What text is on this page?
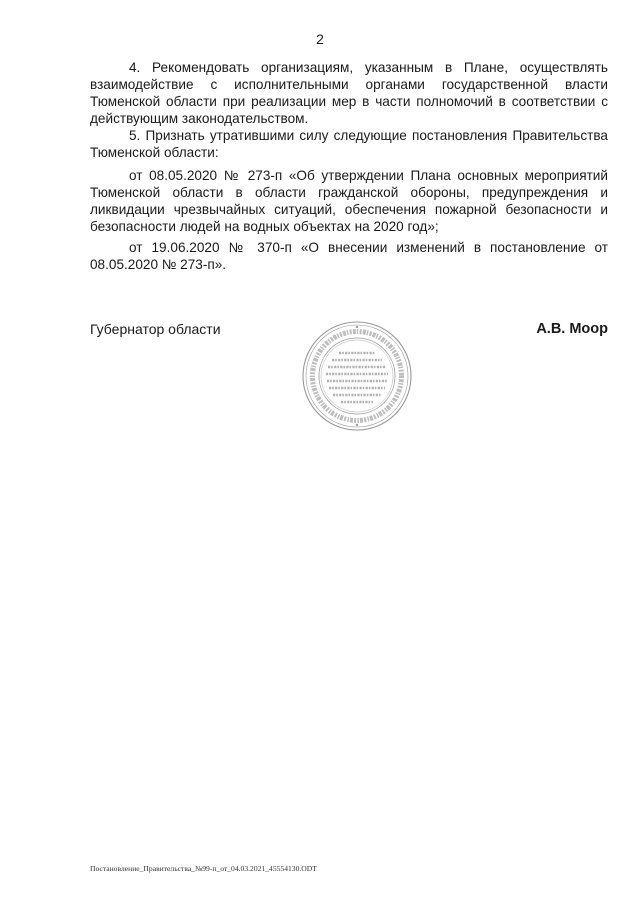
2

4. Рекомендовать организациям, указанным в Плане, осуществлять взаимодействие с исполнительными органами государственной власти Тюменской области при реализации мер в части полномочий в соответствии с действующим законодательством.

5. Признать утратившими силу следующие постановления Правительства Тюменской области:

от 08.05.2020 № 273-п «Об утверждении Плана основных мероприятий Тюменской области в области гражданской обороны, предупреждения и ликвидации чрезвычайных ситуаций, обеспечения пожарной безопасности и безопасности людей на водных объектах на 2020 год»;

от 19.06.2020 № 370-п «О внесении изменений в постановление от 08.05.2020 № 273-п».

Губернатор области	А.В. Моор
Постановление_Правительства_№99-п_от_04.03.2021_45554130.ODT
